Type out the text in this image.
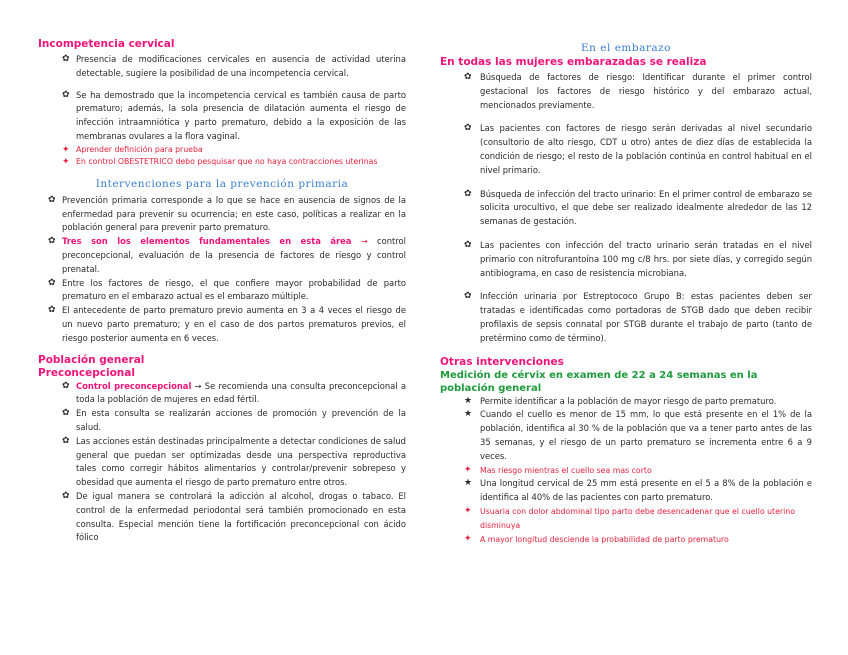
Incompetencia cervical
✿ Presencia de modificaciones cervicales en ausencia de actividad uterina detectable, sugiere la posibilidad de una incompetencia cervical.
✿ Se ha demostrado que la incompetencia cervical es también causa de parto prematuro; además, la sola presencia de dilatación aumenta el riesgo de infección intraamniótica y parto prematuro, debido a la exposición de las membranas ovulares a la flora vaginal.
✦ Aprender definición para prueba
✦ En control OBESTETRICO debo pesquisar que no haya contracciones uterinas
Intervenciones para la prevención primaria
✿ Prevención primaria corresponde a lo que se hace en ausencia de signos de la enfermedad para prevenir su ocurrencia; en este caso, políticas a realizar en la población general para prevenir parto prematuro.
✿ Tres son los elementos fundamentales en esta área → control preconcepcional, evaluación de la presencia de factores de riesgo y control prenatal.
✿ Entre los factores de riesgo, el que confiere mayor probabilidad de parto prematuro en el embarazo actual es el embarazo múltiple.
✿ El antecedente de parto prematuro previo aumenta en 3 a 4 veces el riesgo de un nuevo parto prematuro; y en el caso de dos partos prematuros previos, el riesgo posterior aumenta en 6 veces.
Población general
Preconcepcional
✿ Control preconcepcional → Se recomienda una consulta preconcepcional a toda la población de mujeres en edad fértil.
✿ En esta consulta se realizarán acciones de promoción y prevención de la salud.
✿ Las acciones están destinadas principalmente a detectar condiciones de salud general que puedan ser optimizadas desde una perspectiva reproductiva tales como corregir hábitos alimentarios y controlar/prevenir sobrepeso y obesidad que aumenta el riesgo de parto prematuro entre otros.
✿ De igual manera se controlará la adicción al alcohol, drogas o tabaco. El control de la enfermedad periodontal será también promocionado en esta consulta. Especial mención tiene la fortificación preconcepcional con ácido fólico
En el embarazo
En todas las mujeres embarazadas se realiza
✿ Búsqueda de factores de riesgo: Identificar durante el primer control gestacional los factores de riesgo histórico y del embarazo actual, mencionados previamente.
✿ Las pacientes con factores de riesgo serán derivadas al nivel secundario (consultorio de alto riesgo, CDT u otro) antes de diez días de establecida la condición de riesgo; el resto de la población continúa en control habitual en el nivel primario.
✿ Búsqueda de infección del tracto urinario: En el primer control de embarazo se solicita urocultivo, el que debe ser realizado idealmente alrededor de las 12 semanas de gestación.
✿ Las pacientes con infección del tracto urinario serán tratadas en el nivel primario con nitrofurantoína 100 mg c/8 hrs. por siete días, y corregido según antibiograma, en caso de resistencia microbiana.
✿ Infección urinaria por Estreptococo Grupo B: estas pacientes deben ser tratadas e identificadas como portadoras de STGB dado que deben recibir profilaxis de sepsis connatal por STGB durante el trabajo de parto (tanto de pretérmino como de término).
Otras intervenciones
Medición de cérvix en examen de 22 a 24 semanas en la población general
★ Permite identificar a la población de mayor riesgo de parto prematuro.
★ Cuando el cuello es menor de 15 mm, lo que está presente en el 1% de la población, identifica al 30 % de la población que va a tener parto antes de las 35 semanas, y el riesgo de un parto prematuro se incrementa entre 6 a 9 veces.
✦ Mas riesgo mientras el cuello sea mas corto
★ Una longitud cervical de 25 mm está presente en el 5 a 8% de la población e identifica al 40% de las pacientes con parto prematuro.
✦ Usuaria con dolor abdominal tipo parto debe desencadenar que el cuello uterino disminuya
✦ A mayor longitud desciende la probabilidad de parto prematuro
